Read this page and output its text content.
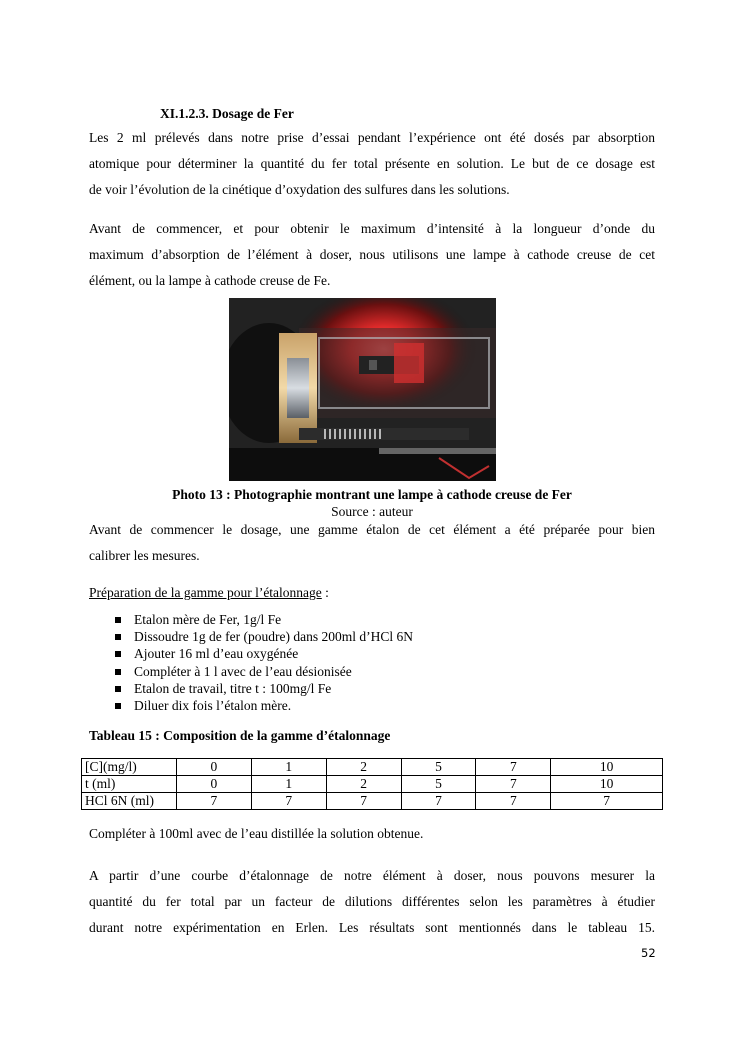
XI.1.2.3. Dosage de Fer
Les 2 ml prélevés dans notre prise d’essai pendant l’expérience ont été dosés par absorption
atomique pour déterminer la quantité du fer total présente en solution. Le but de ce dosage est
de voir l’évolution de la cinétique d’oxydation des sulfures dans les solutions.
Avant de commencer, et pour obtenir le maximum d’intensité à la longueur d’onde du
maximum d’absorption de l’élément à doser, nous utilisons une lampe à cathode creuse de cet
élément, ou la lampe à cathode creuse de Fe.
Photo 13 : Photographie montrant une lampe à cathode creuse de Fer
Source : auteur
Avant de commencer le dosage, une gamme étalon de cet élément a été préparée pour bien
calibrer les mesures.
Préparation de la gamme pour l’étalonnage :
Etalon mère de Fer, 1g/l Fe
Dissoudre 1g de fer (poudre) dans 200ml d’HCl 6N
Ajouter 16 ml d’eau oxygénée
Compléter à 1 l avec de l’eau désionisée
Etalon de travail, titre t : 100mg/l Fe
Diluer dix fois l’étalon mère.
Tableau 15 : Composition de la gamme d’étalonnage
[C](mg/l)	0	1	2	5	7	10
t (ml)	0	1	2	5	7	10
HCl 6N (ml)	7	7	7	7	7	7
Compléter à 100ml avec de l’eau distillée la solution obtenue.
A partir d’une courbe d’étalonnage de notre élément à doser, nous pouvons mesurer la
quantité du fer total par un facteur de dilutions différentes selon les paramètres à étudier
durant notre expérimentation en Erlen. Les résultats sont mentionnés dans le tableau 15.
52
